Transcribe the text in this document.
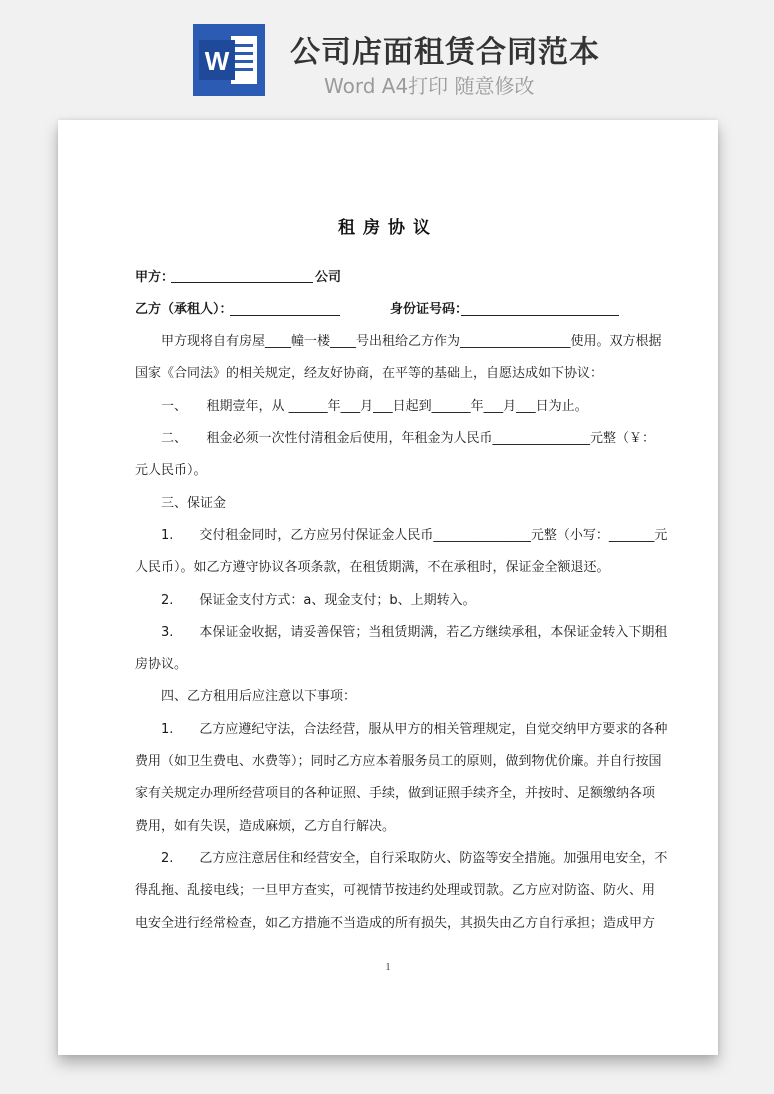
W 公司店面租赁合同范本
Word A4打印 随意修改

租房协议
甲方：	公司
乙方（承租人）：	身份证号码：
　　甲方现将自有房屋____幢一楼____号出租给乙方作为_________________使用。双方根据
国家《合同法》的相关规定，经友好协商，在平等的基础上，自愿达成如下协议：
　　一、　　租期壹年，从 ______年___月___日起到______年___月___日为止。
　　二、　　租金必须一次性付清租金后使用，年租金为人民币_______________元整（￥：
元人民币）。
　　三、保证金
　　1.　　交付租金同时，乙方应另付保证金人民币_______________元整（小写：_______元
人民币）。如乙方遵守协议各项条款，在租赁期满，不在承租时，保证金全额退还。
　　2.　　保证金支付方式：a、现金支付；b、上期转入。
　　3.　　本保证金收据，请妥善保管；当租赁期满，若乙方继续承租，本保证金转入下期租
房协议。
　　四、乙方租用后应注意以下事项：
　　1.　　乙方应遵纪守法，合法经营，服从甲方的相关管理规定，自觉交纳甲方要求的各种
费用（如卫生费电、水费等）；同时乙方应本着服务员工的原则，做到物优价廉。并自行按国
家有关规定办理所经营项目的各种证照、手续，做到证照手续齐全，并按时、足额缴纳各项
费用，如有失误，造成麻烦，乙方自行解决。
　　2.　　乙方应注意居住和经营安全，自行采取防火、防盗等安全措施。加强用电安全，不
得乱拖、乱接电线；一旦甲方查实，可视情节按违约处理或罚款。乙方应对防盗、防火、用
电安全进行经常检查，如乙方措施不当造成的所有损失，其损失由乙方自行承担；造成甲方
1
